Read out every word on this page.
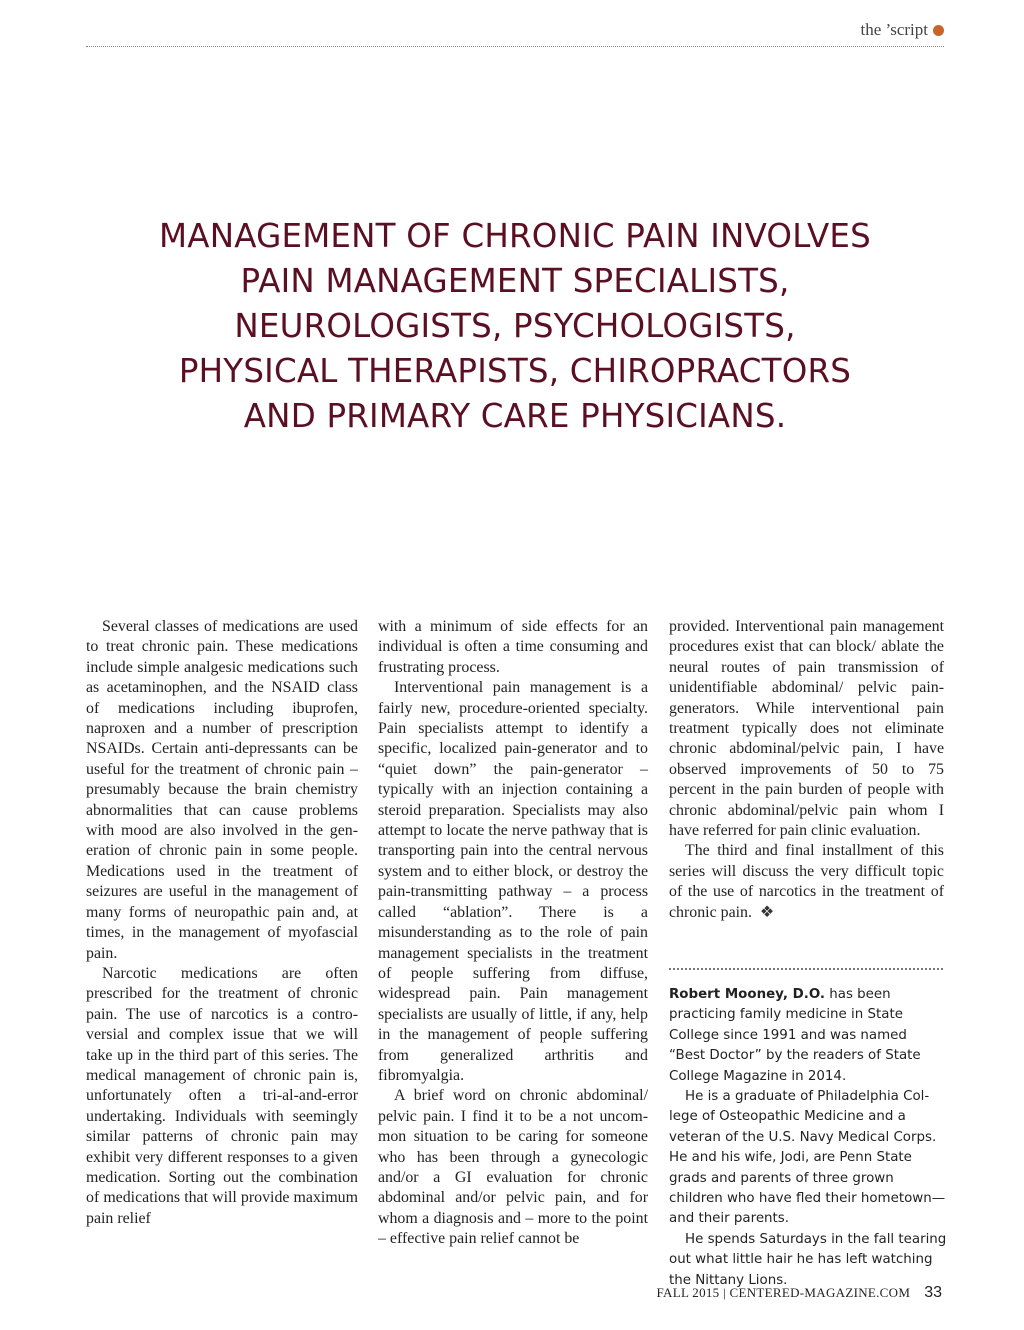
the ’script
MANAGEMENT OF CHRONIC PAIN INVOLVES PAIN MANAGEMENT SPECIALISTS, NEUROLOGISTS, PSYCHOLOGISTS, PHYSICAL THERAPISTS, CHIROPRACTORS AND PRIMARY CARE PHYSICIANS.

Several classes of medications are used to treat chronic pain. These medications include simple analgesic medications such as acetaminophen, and the NSAID class of medications including ibuprofen, naproxen and a number of prescription NSAIDs. Certain anti-depressants can be useful for the treatment of chronic pain – presumably because the brain chemistry abnormalities that can cause problems with mood are also involved in the generation of chronic pain in some people. Medications used in the treatment of seizures are useful in the management of many forms of neuropathic pain and, at times, in the management of myofascial pain.

Narcotic medications are often prescribed for the treatment of chronic pain. The use of narcotics is a controversial and complex issue that we will take up in the third part of this series. The medical management of chronic pain is, unfortunately often a tri-al-and-error undertaking. Individuals with seemingly similar patterns of chronic pain may exhibit very different responses to a given medication. Sorting out the combination of medications that will provide maximum pain relief

with a minimum of side effects for an individual is often a time consuming and frustrating process.

Interventional pain management is a fairly new, procedure-oriented specialty. Pain specialists attempt to identify a specific, localized pain-generator and to “quiet down” the pain-generator – typically with an injection containing a steroid preparation. Specialists may also attempt to locate the nerve pathway that is transporting pain into the central nervous system and to either block, or destroy the pain-transmitting pathway – a process called “ablation”. There is a misunderstanding as to the role of pain management specialists in the treatment of people suffering from diffuse, widespread pain. Pain management specialists are usually of little, if any, help in the management of people suffering from generalized arthritis and fibromyalgia.

A brief word on chronic abdominal/ pelvic pain. I find it to be a not uncommon situation to be caring for someone who has been through a gynecologic and/or a GI evaluation for chronic abdominal and/or pelvic pain, and for whom a diagnosis and – more to the point – effective pain relief cannot be

provided. Interventional pain management procedures exist that can block/ ablate the neural routes of pain transmission of unidentifiable abdominal/ pelvic pain-generators. While interventional pain treatment typically does not eliminate chronic abdominal/pelvic pain, I have observed improvements of 50 to 75 percent in the pain burden of people with chronic abdominal/pelvic pain whom I have referred for pain clinic evaluation.

The third and final installment of this series will discuss the very difficult topic of the use of narcotics in the treatment of chronic pain. ❖

Robert Mooney, D.O. has been practicing family medicine in State College since 1991 and was named “Best Doctor” by the readers of State College Magazine in 2014.

He is a graduate of Philadelphia College of Osteopathic Medicine and a veteran of the U.S. Navy Medical Corps. He and his wife, Jodi, are Penn State grads and parents of three grown children who have fled their hometown—and their parents.

He spends Saturdays in the fall tearing out what little hair he has left watching the Nittany Lions.

FALL 2015 | CENTERED-MAGAZINE.COM 33
